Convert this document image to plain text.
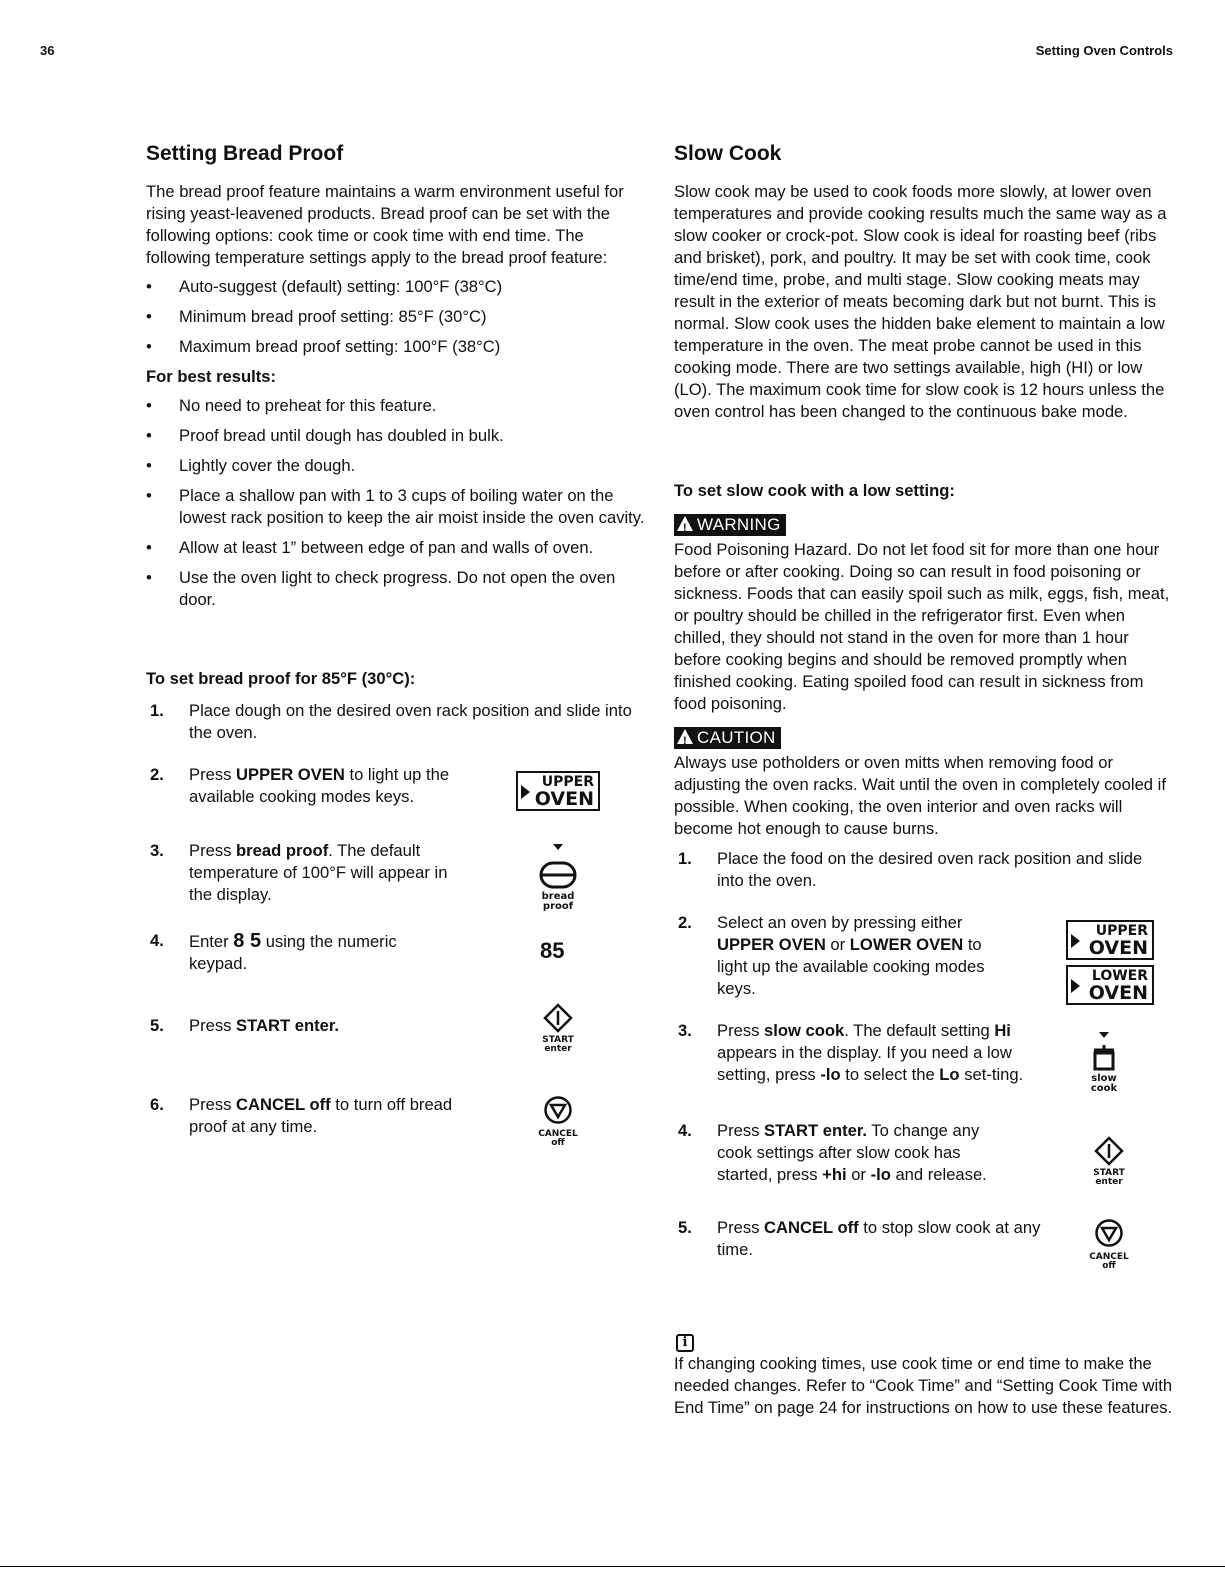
36	Setting Oven Controls
Setting Bread Proof

The bread proof feature maintains a warm environment useful for rising yeast-leavened products. Bread proof can be set with the following options: cook time or cook time with end time. The following temperature settings apply to the bread proof feature:

• Auto-suggest (default) setting: 100°F (38°C)
• Minimum bread proof setting: 85°F (30°C)
• Maximum bread proof setting: 100°F (38°C)
For best results:
• No need to preheat for this feature.
• Proof bread until dough has doubled in bulk.
• Lightly cover the dough.
• Place a shallow pan with 1 to 3 cups of boiling water on the lowest rack position to keep the air moist inside the oven cavity.
• Allow at least 1” between edge of pan and walls of oven.
• Use the oven light to check progress. Do not open the oven door.
To set bread proof for 85°F (30°C):
1.	Place dough on the desired oven rack position and slide into the oven.
2.	Press UPPER OVEN to light up the available cooking modes keys.
3.	Press bread proof. The default temperature of 100°F will appear in the display.
4.	Enter 8 5 using the numeric keypad.
5.	Press START enter.
6.	Press CANCEL off to turn off bread proof at any time.
UPPER
OVEN
bread
proof
85
START
enter
CANCEL
off
Slow Cook

Slow cook may be used to cook foods more slowly, at lower oven temperatures and provide cooking results much the same way as a slow cooker or crock-pot. Slow cook is ideal for roasting beef (ribs and brisket), pork, and poultry. It may be set with cook time, cook time/end time, probe, and multi stage. Slow cooking meats may result in the exterior of meats becoming dark but not burnt. This is normal. Slow cook uses the hidden bake element to maintain a low temperature in the oven. The meat probe cannot be used in this cooking mode. There are two settings available, high (HI) or low (LO). The maximum cook time for slow cook is 12 hours unless the oven control has been changed to the continuous bake mode.

To set slow cook with a low setting:
!WARNING

Food Poisoning Hazard. Do not let food sit for more than one hour before or after cooking. Doing so can result in food poisoning or sickness. Foods that can easily spoil such as milk, eggs, fish, meat, or poultry should be chilled in the refrigerator first. Even when chilled, they should not stand in the oven for more than 1 hour before cooking begins and should be removed promptly when finished cooking. Eating spoiled food can result in sickness from food poisoning.

!CAUTION

Always use potholders or oven mitts when removing food or adjusting the oven racks. Wait until the oven in completely cooled if possible. When cooking, the oven interior and oven racks will become hot enough to cause burns.

1.	Place the food on the desired oven rack position and slide into the oven.
2.	Select an oven by pressing either UPPER OVEN or LOWER OVEN to light up the available cooking modes keys.
3.	Press slow cook. The default setting Hi appears in the display. If you need a low setting, press -lo to select the Lo set-ting.
4.	Press START enter. To change any cook settings after slow cook has started, press +hi or -lo and release.
5.	Press CANCEL off to stop slow cook at any time.
UPPER
OVEN
LOWER
OVEN
slow
cook
START
enter
CANCEL
off
i

If changing cooking times, use cook time or end time to make the needed changes. Refer to “Cook Time” and “Setting Cook Time with End Time” on page 24 for instructions on how to use these features.
